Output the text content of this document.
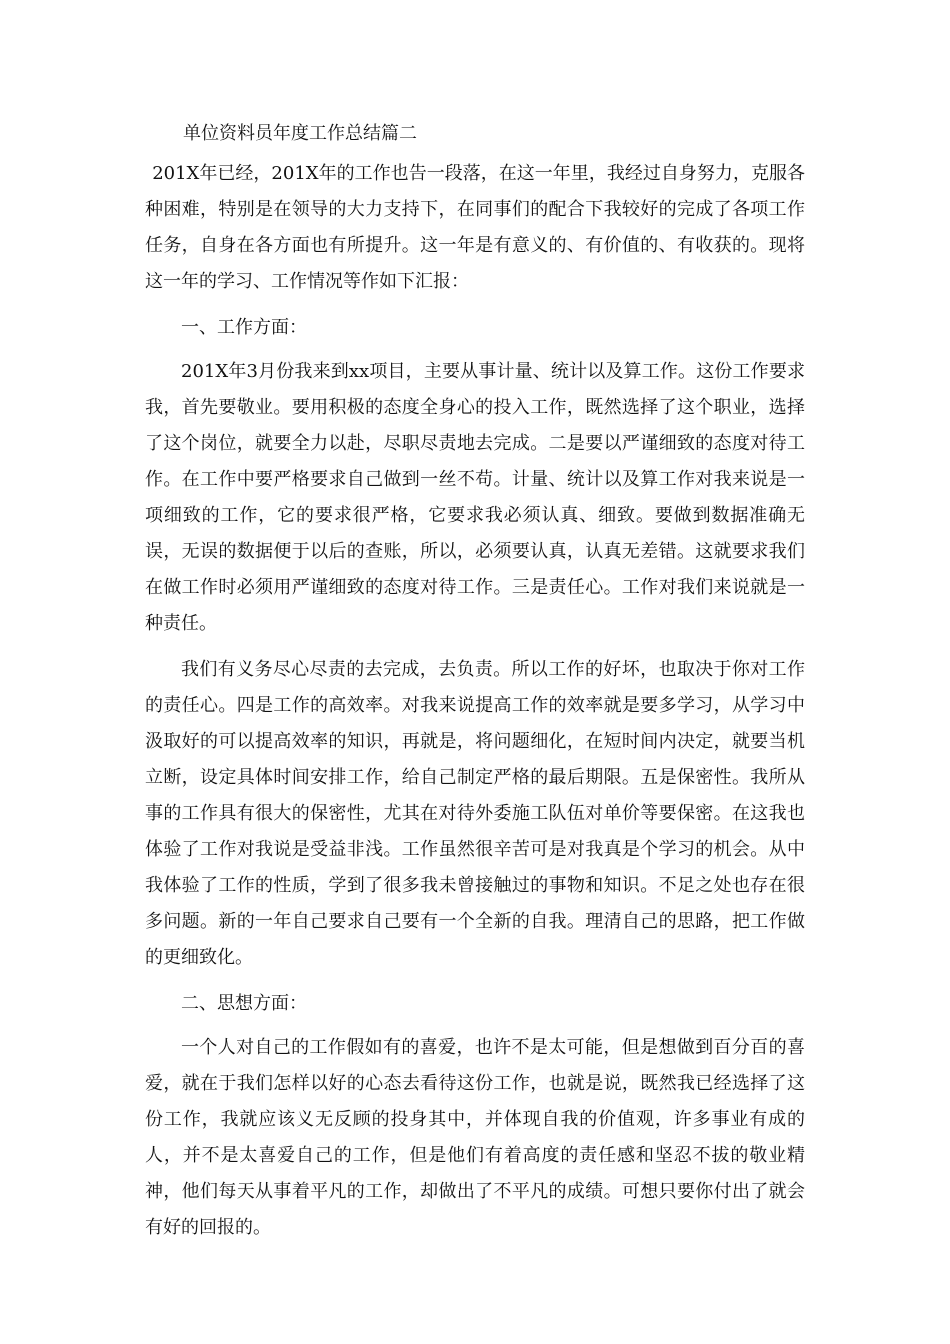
单位资料员年度工作总结篇二

201X年已经，201X年的工作也告一段落，在这一年里，我经过自身努力，克服各种困难，特别是在领导的大力支持下，在同事们的配合下我较好的完成了各项工作任务，自身在各方面也有所提升。这一年是有意义的、有价值的、有收获的。现将这一年的学习、工作情况等作如下汇报：

一、工作方面：

201X年3月份我来到xx项目，主要从事计量、统计以及算工作。这份工作要求我，首先要敬业。要用积极的态度全身心的投入工作，既然选择了这个职业，选择了这个岗位，就要全力以赴，尽职尽责地去完成。二是要以严谨细致的态度对待工作。在工作中要严格要求自己做到一丝不苟。计量、统计以及算工作对我来说是一项细致的工作，它的要求很严格，它要求我必须认真、细致。要做到数据准确无误，无误的数据便于以后的查账，所以，必须要认真，认真无差错。这就要求我们在做工作时必须用严谨细致的态度对待工作。三是责任心。工作对我们来说就是一种责任。

我们有义务尽心尽责的去完成，去负责。所以工作的好坏，也取决于你对工作的责任心。四是工作的高效率。对我来说提高工作的效率就是要多学习，从学习中汲取好的可以提高效率的知识，再就是，将问题细化，在短时间内决定，就要当机立断，设定具体时间安排工作，给自己制定严格的最后期限。五是保密性。我所从事的工作具有很大的保密性，尤其在对待外委施工队伍对单价等要保密。在这我也体验了工作对我说是受益非浅。工作虽然很辛苦可是对我真是个学习的机会。从中我体验了工作的性质，学到了很多我未曾接触过的事物和知识。不足之处也存在很多问题。新的一年自己要求自己要有一个全新的自我。理清自己的思路，把工作做的更细致化。

二、思想方面：

一个人对自己的工作假如有的喜爱，也许不是太可能，但是想做到百分百的喜爱，就在于我们怎样以好的心态去看待这份工作，也就是说，既然我已经选择了这份工作，我就应该义无反顾的投身其中，并体现自我的价值观，许多事业有成的人，并不是太喜爱自己的工作，但是他们有着高度的责任感和坚忍不拔的敬业精神，他们每天从事着平凡的工作，却做出了不平凡的成绩。可想只要你付出了就会有好的回报的。
